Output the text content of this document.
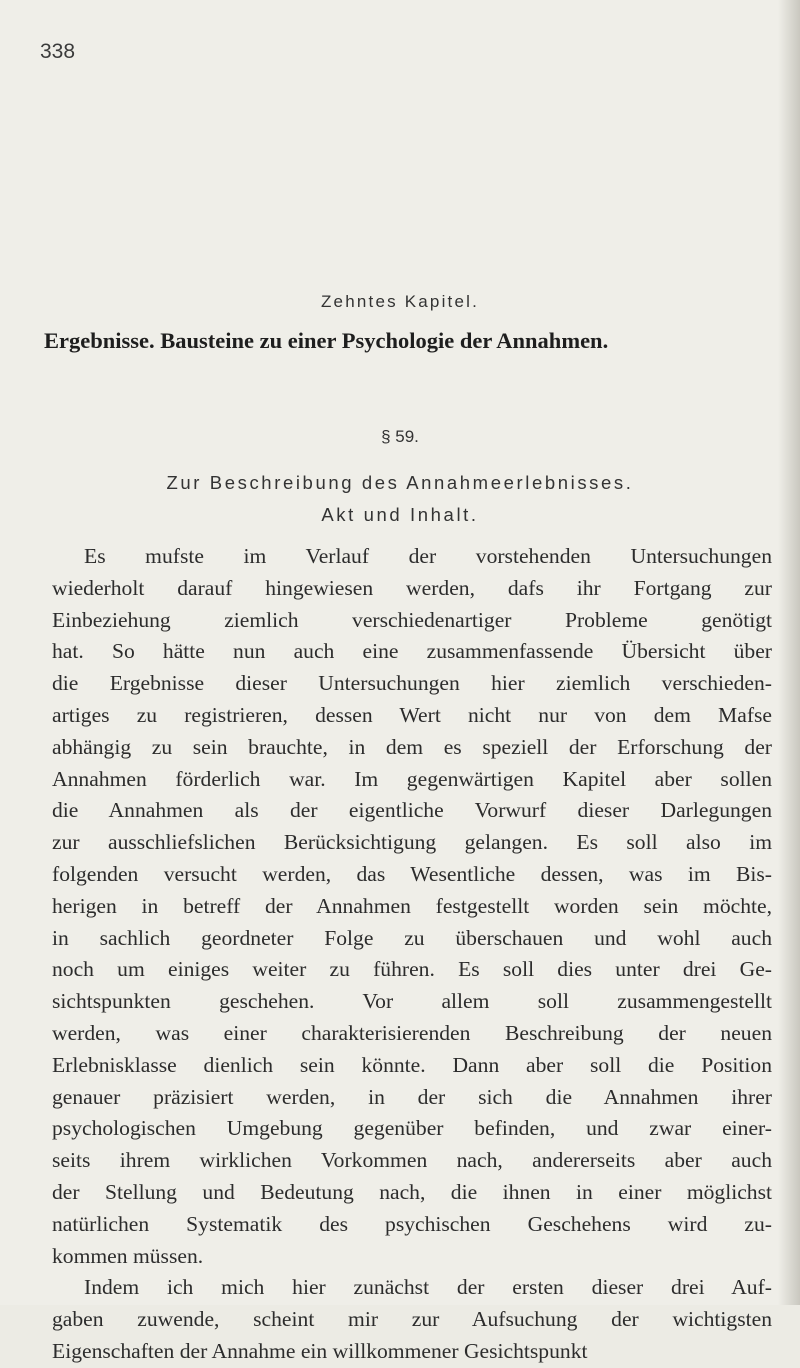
338
Zehntes Kapitel.
Ergebnisse. Bausteine zu einer Psychologie der Annahmen.
§ 59.
Zur Beschreibung des Annahmeerlebnisses.
Akt und Inhalt.
Es mufste im Verlauf der vorstehenden Untersuchungen
wiederholt darauf hingewiesen werden, dafs ihr Fortgang zur
Einbeziehung ziemlich verschiedenartiger Probleme genötigt
hat. So hätte nun auch eine zusammenfassende Übersicht über
die Ergebnisse dieser Untersuchungen hier ziemlich verschieden-
artiges zu registrieren, dessen Wert nicht nur von dem Mafse
abhängig zu sein brauchte, in dem es speziell der Erforschung der
Annahmen förderlich war. Im gegenwärtigen Kapitel aber sollen
die Annahmen als der eigentliche Vorwurf dieser Darlegungen
zur ausschliefslichen Berücksichtigung gelangen. Es soll also im
folgenden versucht werden, das Wesentliche dessen, was im Bis-
herigen in betreff der Annahmen festgestellt worden sein möchte,
in sachlich geordneter Folge zu überschauen und wohl auch
noch um einiges weiter zu führen. Es soll dies unter drei Ge-
sichtspunkten geschehen. Vor allem soll zusammengestellt
werden, was einer charakterisierenden Beschreibung der neuen
Erlebnisklasse dienlich sein könnte. Dann aber soll die Position
genauer präzisiert werden, in der sich die Annahmen ihrer
psychologischen Umgebung gegenüber befinden, und zwar einer-
seits ihrem wirklichen Vorkommen nach, andererseits aber auch
der Stellung und Bedeutung nach, die ihnen in einer möglichst
natürlichen Systematik des psychischen Geschehens wird zu-
kommen müssen.
Indem ich mich hier zunächst der ersten dieser drei Auf-
gaben zuwende, scheint mir zur Aufsuchung der wichtigsten
Eigenschaften der Annahme ein willkommener Gesichtspunkt
